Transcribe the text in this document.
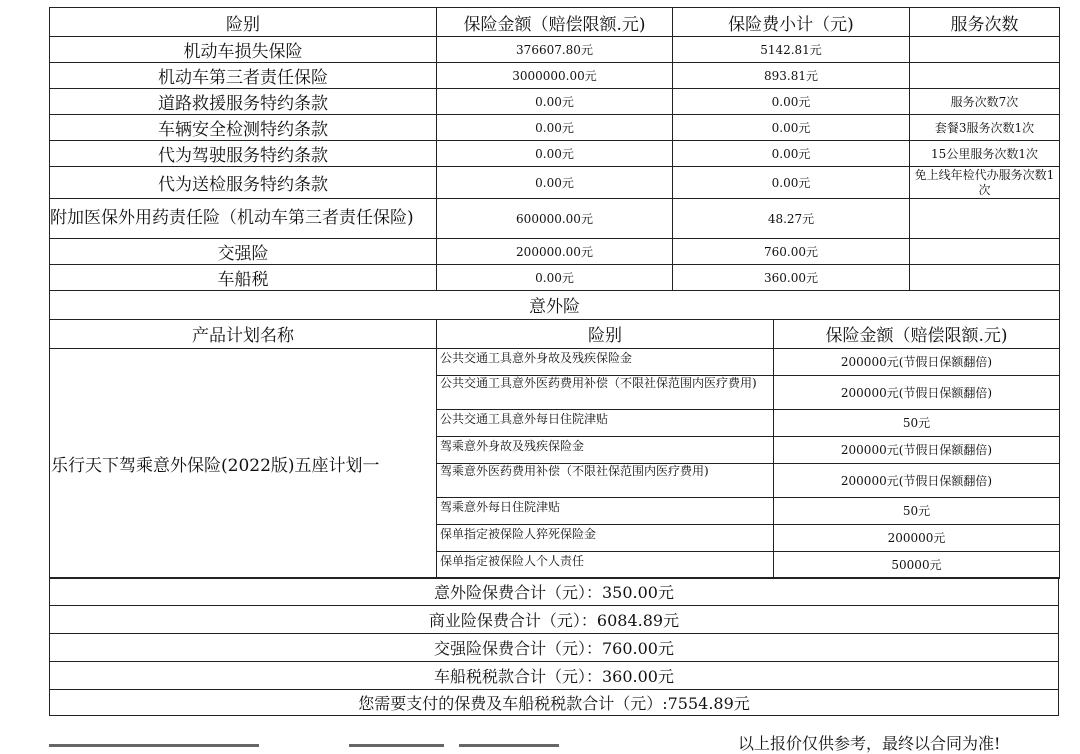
险别	保险金额（赔偿限额.元)	保险费小计（元)	服务次数
机动车损失保险	376607.80元	5142.81元	
机动车第三者责任保险	3000000.00元	893.81元	
道路救援服务特约条款	0.00元	0.00元	服务次数7次
车辆安全检测特约条款	0.00元	0.00元	套餐3服务次数1次
代为驾驶服务特约条款	0.00元	0.00元	15公里服务次数1次
代为送检服务特约条款	0.00元	0.00元	免上线年检代办服务次数1次
附加医保外用药责任险（机动车第三者责任保险)	600000.00元	48.27元	
交强险	200000.00元	760.00元	
车船税	0.00元	360.00元	
意外险		
产品计划名称	险别	保险金额（赔偿限额.元)
乐行天下驾乘意外保险(2022版)五座计划一	公共交通工具意外身故及残疾保险金	200000元(节假日保额翻倍)
	公共交通工具意外医药费用补偿（不限社保范围内医疗费用)	200000元(节假日保额翻倍)
	公共交通工具意外每日住院津贴	50元
	驾乘意外身故及残疾保险金	200000元(节假日保额翻倍)
	驾乘意外医药费用补偿（不限社保范围内医疗费用)	200000元(节假日保额翻倍)
	驾乘意外每日住院津贴	50元
	保单指定被保险人猝死保险金	200000元
	保单指定被保险人个人责任	50000元
意外险保费合计（元）：350.00元
商业险保费合计（元）：6084.89元
交强险保费合计（元）：760.00元
车船税税款合计（元）：360.00元
您需要支付的保费及车船税税款合计（元）:7554.89元
以上报价仅供参考，最终以合同为准!
